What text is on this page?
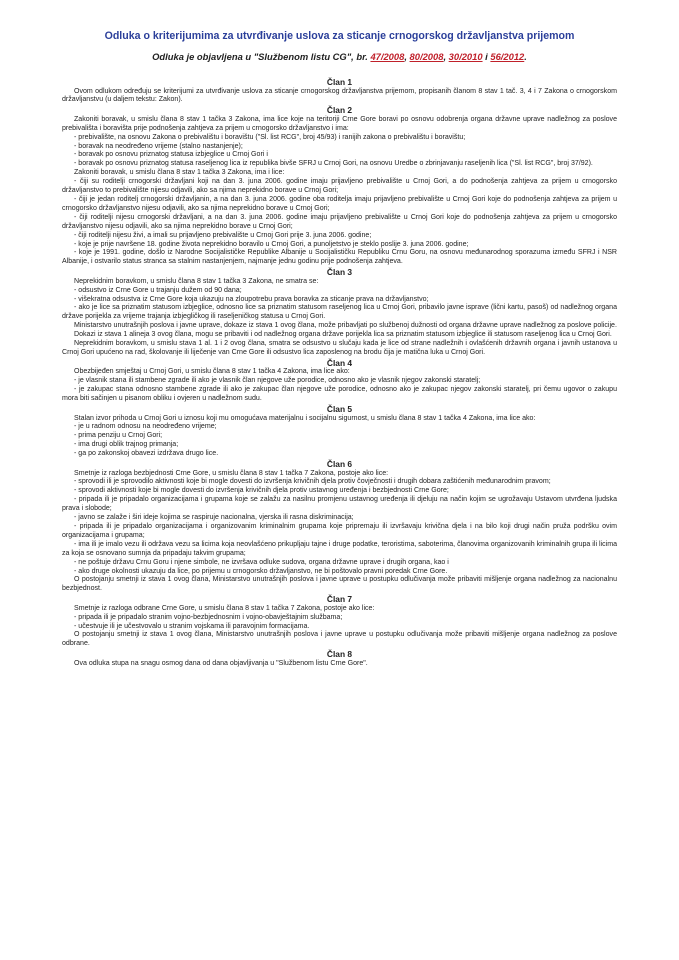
Odluka o kriterijumima za utvrđivanje uslova za sticanje crnogorskog državljanstva prijemom
Odluka je objavljena u "Službenom listu CG", br. 47/2008, 80/2008, 30/2010 i 56/2012.
Član 1

Ovom odlukom određuju se kriterijumi za utvrđivanje uslova za sticanje crnogorskog državljanstva prijemom, propisanih članom 8 stav 1 tač. 3, 4 i 7 Zakona o crnogorskom državljanstvu (u daljem tekstu: Zakon).

Član 2

Zakoniti boravak, u smislu člana 8 stav 1 tačka 3 Zakona, ima lice koje na teritoriji Crne Gore boravi po osnovu odobrenja organa državne uprave nadležnog za poslove prebivališta i boravišta prije podnošenja zahtjeva za prijem u crnogorsko državljanstvo i ima:

- prebivalište, na osnovu Zakona o prebivalištu i boravištu ("Sl. list RCG", broj 45/93) i ranijih zakona o prebivalištu i boravištu;

- boravak na neodređeno vrijeme (stalno nastanjenje);

- boravak po osnovu priznatog statusa izbjeglice u Crnoj Gori i

- boravak po osnovu priznatog statusa raseljenog lica iz republika bivše SFRJ u Crnoj Gori, na osnovu Uredbe o zbrinjavanju raseljenih lica ("Sl. list RCG", broj 37/92).

Zakoniti boravak, u smislu člana 8 stav 1 tačka 3 Zakona, ima i lice:

- čiji su roditelji crnogorski državljani koji na dan 3. juna 2006. godine imaju prijavljeno prebivalište u Crnoj Gori, a do podnošenja zahtjeva za prijem u crnogorsko državljanstvo to prebivalište nijesu odjavili, ako sa njima neprekidno borave u Crnoj Gori;

- čiji je jedan roditelj crnogorski državljanin, a na dan 3. juna 2006. godine oba roditelja imaju prijavljeno prebivalište u Crnoj Gori koje do podnošenja zahtjeva za prijem u crnogorsko državljanstvo nijesu odjavili, ako sa njima neprekidno borave u Crnoj Gori;

- čiji roditelji nijesu crnogorski državljani, a na dan 3. juna 2006. godine imaju prijavljeno prebivalište u Crnoj Gori koje do podnošenja zahtjeva za prijem u crnogorsko državljanstvo nijesu odjavili, ako sa njima neprekidno borave u Crnoj Gori;

- čiji roditelji nijesu živi, a imali su prijavljeno prebivalište u Crnoj Gori prije 3. juna 2006. godine;

- koje je prije navršene 18. godine života neprekidno boravilo u Crnoj Gori, a punoljetstvo je steklo poslije 3. juna 2006. godine;

- koje je 1991. godine, došlo iz Narodne Socijalističke Republike Albanije u Socijalističku Republiku Crnu Goru, na osnovu međunarodnog sporazuma između SFRJ i NSR Albanije, i ostvarilo status stranca sa stalnim nastanjenjem, najmanje jednu godinu prije podnošenja zahtjeva.

Član 3

Neprekidnim boravkom, u smislu člana 8 stav 1 tačka 3 Zakona, ne smatra se:

- odsustvo iz Crne Gore u trajanju dužem od 90 dana;

- višekratna odsustva iz Crne Gore koja ukazuju na zloupotrebu prava boravka za sticanje prava na državljanstvo;

- ako je lice sa priznatim statusom izbjeglice, odnosno lice sa priznatim statusom raseljenog lica u Crnoj Gori, pribavilo javne isprave (lični kartu, pasoš) od nadležnog organa države porijekla za vrijeme trajanja izbjegličkog ili raseljeničkog statusa u Crnoj Gori.

Ministarstvo unutrašnjih poslova i javne uprave, dokaze iz stava 1 ovog člana, može pribavljati po službenoj dužnosti od organa državne uprave nadležnog za poslove policije.

Dokazi iz stava 1 alineja 3 ovog člana, mogu se pribaviti i od nadležnog organa države porijekla lica sa priznatim statusom izbjeglice ili statusom raseljenog lica u Crnoj Gori.

Neprekidnim boravkom, u smislu stava 1 al. 1 i 2 ovog člana, smatra se odsustvo u slučaju kada je lice od strane nadležnih i ovlašćenih državnih organa i javnih ustanova u Crnoj Gori upućeno na rad, školovanje ili liječenje van Crne Gore ili odsustvo lica zaposlenog na brodu čija je matična luka u Crnoj Gori.

Član 4

Obezbijeđen smještaj u Crnoj Gori, u smislu člana 8 stav 1 tačka 4 Zakona, ima lice ako:

- je vlasnik stana ili stambene zgrade ili ako je vlasnik član njegove uže porodice, odnosno ako je vlasnik njegov zakonski staratelj;

- je zakupac stana odnosno stambene zgrade ili ako je zakupac član njegove uže porodice, odnosno ako je zakupac njegov zakonski staratelj, pri čemu ugovor o zakupu mora biti sačinjen u pisanom obliku i ovjeren u nadležnom sudu.

Član 5

Stalan izvor prihoda u Crnoj Gori u iznosu koji mu omogućava materijalnu i socijalnu sigurnost, u smislu člana 8 stav 1 tačka 4 Zakona, ima lice ako:

- je u radnom odnosu na neodređeno vrijeme;

- prima penziju u Crnoj Gori;

- ima drugi oblik trajnog primanja;

- ga po zakonskoj obavezi izdržava drugo lice.

Član 6

Smetnje iz razloga bezbjednosti Crne Gore, u smislu člana 8 stav 1 tačka 7 Zakona, postoje ako lice:

- sprovodi ili je sprovodilo aktivnosti koje bi mogle dovesti do izvršenja krivičnih djela protiv čovječnosti i drugih dobara zaštićenih međunarodnim pravom;

- sprovodi aktivnosti koje bi mogle dovesti do izvršenja krivičnih djela protiv ustavnog uređenja i bezbjednosti Crne Gore;

- pripada ili je pripadalo organizacijama i grupama koje se zalažu za nasilnu promjenu ustavnog uređenja ili djeluju na način kojim se ugrožavaju Ustavom utvrđena ljudska prava i slobode;

- javno se zalaže i širi ideje kojima se raspiruje nacionalna, vjerska ili rasna diskriminacija;

- pripada ili je pripadalo organizacijama i organizovanim kriminalnim grupama koje pripremaju ili izvršavaju krivična djela i na bilo koji drugi način pruža podršku ovim organizacijama i grupama;

- ima ili je imalo vezu ili održava vezu sa licima koja neovlašćeno prikupljaju tajne i druge podatke, teroristima, saboterima, članovima organizovanih kriminalnih grupa ili licima za koja se osnovano sumnja da pripadaju takvim grupama;

- ne poštuje državu Crnu Goru i njene simbole, ne izvršava odluke sudova, organa državne uprave i drugih organa, kao i

- ako druge okolnosti ukazuju da lice, po prijemu u crnogorsko državljanstvo, ne bi poštovalo pravni poredak Crne Gore.

O postojanju smetnji iz stava 1 ovog člana, Ministarstvo unutrašnjih poslova i javne uprave u postupku odlučivanja može pribaviti mišljenje organa nadležnog za nacionalnu bezbjednost.

Član 7

Smetnje iz razloga odbrane Crne Gore, u smislu člana 8 stav 1 tačka 7 Zakona, postoje ako lice:

- pripada ili je pripadalo stranim vojno-bezbjednosnim i vojno-obavještajnim službama;

- učestvuje ili je učestvovalo u stranim vojskama ili paravojnim formacijama.

O postojanju smetnji iz stava 1 ovog člana, Ministarstvo unutrašnjih poslova i javne uprave u postupku odlučivanja može pribaviti mišljenje organa nadležnog za poslove odbrane.

Član 8

Ova odluka stupa na snagu osmog dana od dana objavljivanja u "Službenom listu Crne Gore".
